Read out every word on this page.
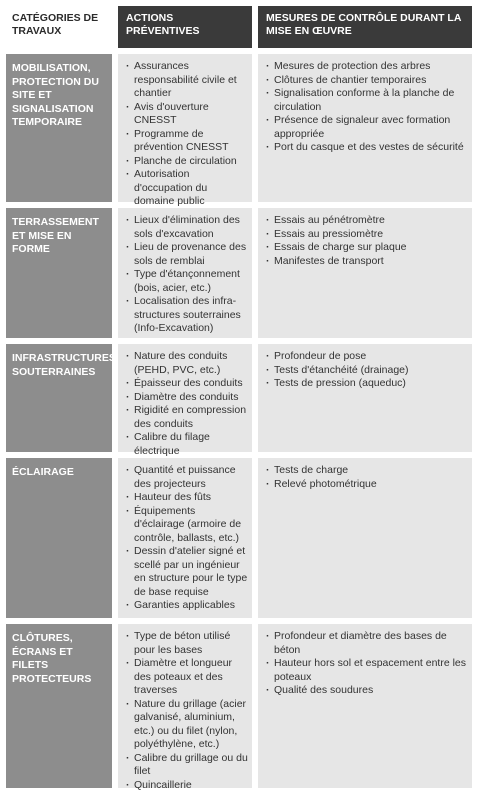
CATÉGORIES DE TRAVAUX
ACTIONS PRÉVENTIVES
MESURES DE CONTRÔLE DURANT LA MISE EN ŒUVRE
MOBILISATION, PROTECTION DU SITE ET SIGNALISATION TEMPORAIRE
· Assurances responsabilité civile et chantier
· Avis d'ouverture CNESST
· Programme de prévention CNESST
· Planche de circulation
· Autorisation d'occupation du domaine public
· Mesures de protection des arbres
· Clôtures de chantier temporaires
· Signalisation conforme à la planche de circulation
· Présence de signaleur avec formation appropriée
· Port du casque et des vestes de sécurité
TERRASSEMENT ET MISE EN FORME
· Lieux d'élimination des sols d'excavation
· Lieu de provenance des sols de remblai
· Type d'étançonnement (bois, acier, etc.)
· Localisation des infra-structures souterraines (Info-Excavation)
· Essais au pénétromètre
· Essais au pressiomètre
· Essais de charge sur plaque
· Manifestes de transport
INFRASTRUCTURES SOUTERRAINES
· Nature des conduits (PEHD, PVC, etc.)
· Épaisseur des conduits
· Diamètre des conduits
· Rigidité en compression des conduits
· Calibre du filage électrique
· Profondeur de pose
· Tests d'étanchéité (drainage)
· Tests de pression (aqueduc)
ÉCLAIRAGE
·	Quantité et puissance des projecteurs
· Hauteur des fûts
· Équipements d'éclairage (armoire de contrôle, ballasts, etc.)
· Dessin d'atelier signé et scellé par un ingénieur en structure pour le type de base requise
· Garanties applicables
· Tests de charge
· Relevé photométrique
CLÔTURES, ÉCRANS ET FILETS PROTECTEURS
· Type de béton utilisé pour les bases
· Diamètre et longueur des poteaux et des traverses
· Nature du grillage (acier galvanisé, aluminium, etc.) ou du filet (nylon, polyéthylène, etc.)
· Calibre du grillage ou du filet
· Quincaillerie
· Profondeur et diamètre des bases de béton
· Hauteur hors sol et espacement entre les poteaux
· Qualité des soudures
